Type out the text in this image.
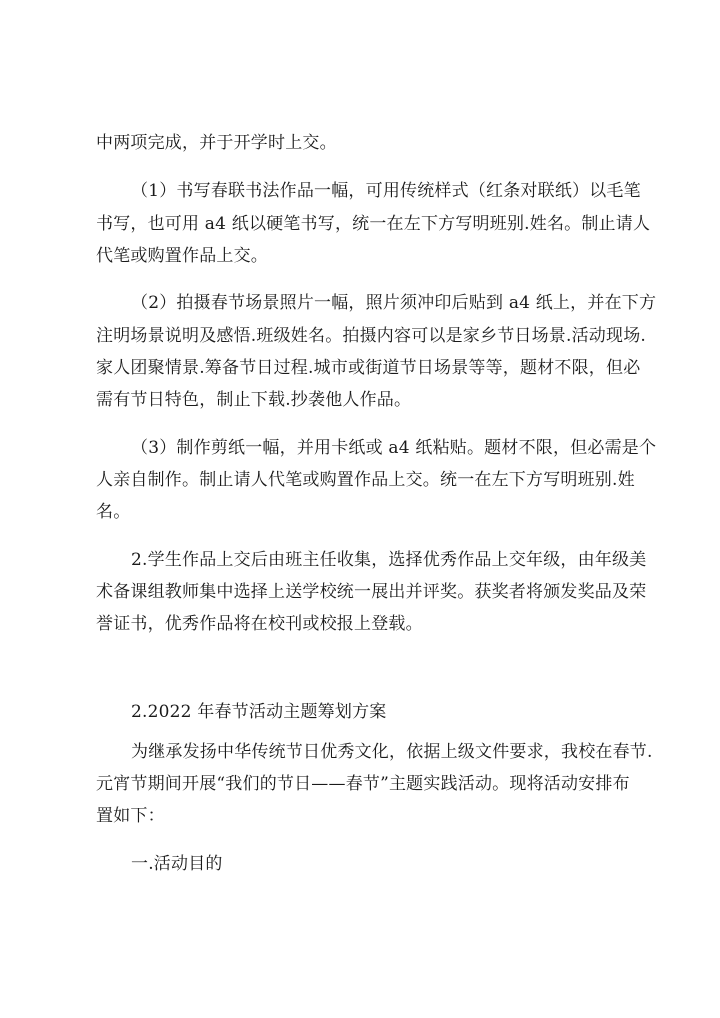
中两项完成，并于开学时上交。
（1）书写春联书法作品一幅，可用传统样式（红条对联纸）以毛笔
书写，也可用 a4 纸以硬笔书写，统一在左下方写明班别.姓名。制止请人
代笔或购置作品上交。
（2）拍摄春节场景照片一幅，照片须冲印后贴到 a4 纸上，并在下方
注明场景说明及感悟.班级姓名。拍摄内容可以是家乡节日场景.活动现场.
家人团聚情景.筹备节日过程.城市或街道节日场景等等，题材不限，但必
需有节日特色，制止下载.抄袭他人作品。
（3）制作剪纸一幅，并用卡纸或 a4 纸粘贴。题材不限，但必需是个
人亲自制作。制止请人代笔或购置作品上交。统一在左下方写明班别.姓
名。
2.学生作品上交后由班主任收集，选择优秀作品上交年级，由年级美
术备课组教师集中选择上送学校统一展出并评奖。获奖者将颁发奖品及荣
誉证书，优秀作品将在校刊或校报上登载。
2.2022 年春节活动主题筹划方案
为继承发扬中华传统节日优秀文化，依据上级文件要求，我校在春节.
元宵节期间开展“我们的节日——春节”主题实践活动。现将活动安排布
置如下：
一.活动目的
